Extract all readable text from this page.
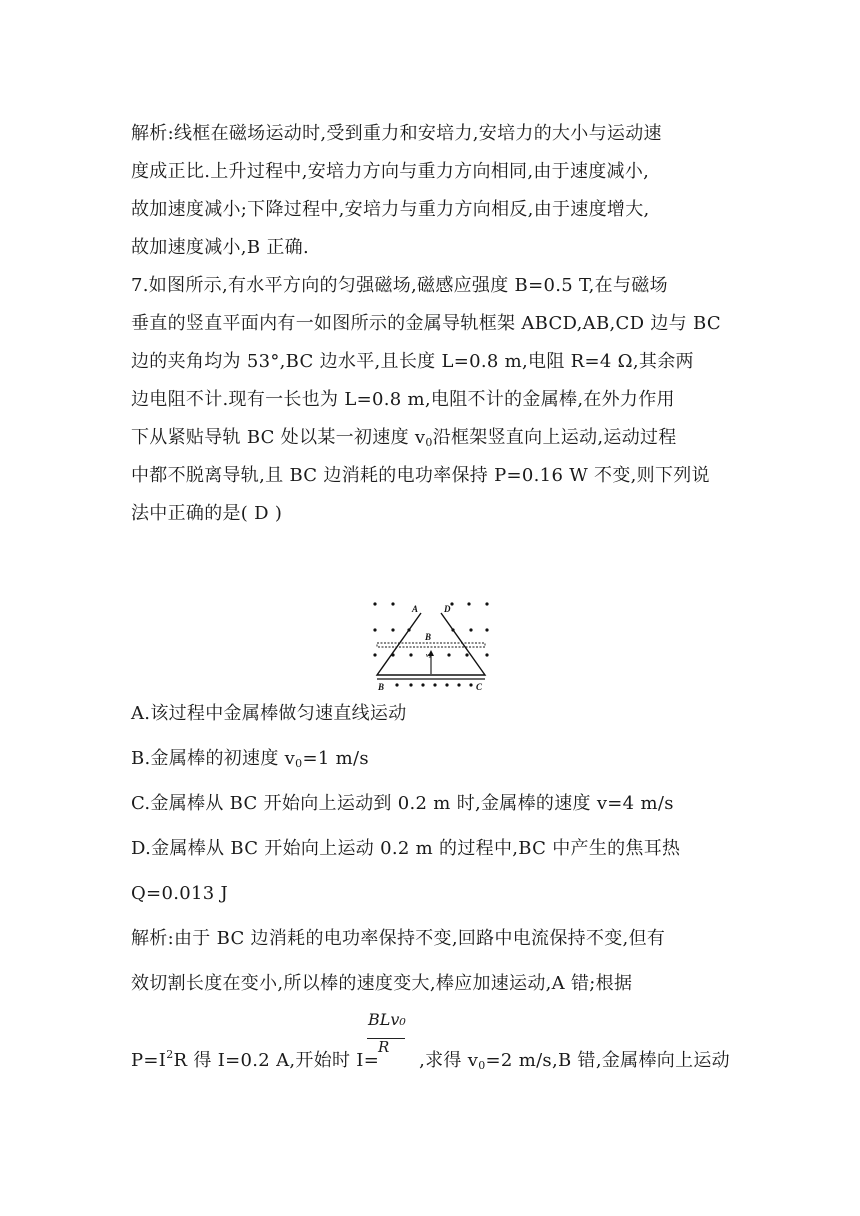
解析:线框在磁场运动时,受到重力和安培力,安培力的大小与运动速
度成正比.上升过程中,安培力方向与重力方向相同,由于速度减小,
故加速度减小;下降过程中,安培力与重力方向相反,由于速度增大,
故加速度减小,B 正确.
7.如图所示,有水平方向的匀强磁场,磁感应强度 B=0.5 T,在与磁场
垂直的竖直平面内有一如图所示的金属导轨框架 ABCD,AB,CD 边与 BC
边的夹角均为 53°,BC 边水平,且长度 L=0.8 m,电阻 R=4 Ω,其余两
边电阻不计.现有一长也为 L=0.8 m,电阻不计的金属棒,在外力作用
下从紧贴导轨 BC 处以某一初速度 $v_0$沿框架竖直向上运动,运动过程
中都不脱离导轨,且 BC 边消耗的电功率保持 P=0.16 W 不变,则下列说
法中正确的是( D )
A	D
B
v₀
B	C
A.该过程中金属棒做匀速直线运动
B.金属棒的初速度 $v_0=1$ m/s
C.金属棒从 BC 开始向上运动到 0.2 m 时,金属棒的速度 v=4 m/s
D.金属棒从 BC 开始向上运动 0.2 m 的过程中,BC 中产生的焦耳热
Q=0.013 J
解析:由于 BC 边消耗的电功率保持不变,回路中电流保持不变,但有
效切割长度在变小,所以棒的速度变大,棒应加速运动,A 错;根据
BLv₀
R
$P=I^2R$ 得 I=0.2 A,开始时 I= ,求得 $v_0=2$ m/s,B 错,金属棒向上运动
